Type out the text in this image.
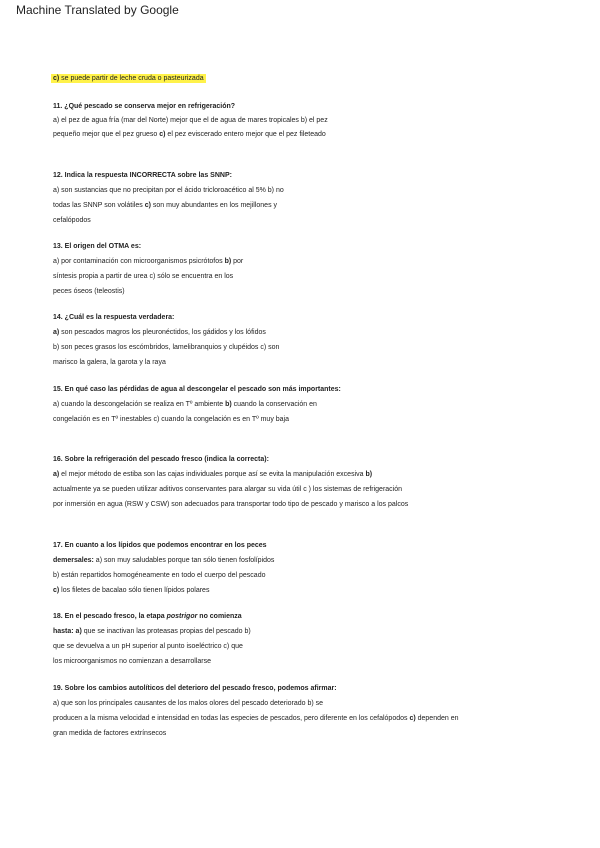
Machine Translated by Google
c) se puede partir de leche cruda o pasteurizada
11. ¿Qué pescado se conserva mejor en refrigeración?
a) el pez de agua fría (mar del Norte) mejor que el de agua de mares tropicales b) el pez
pequeño mejor que el pez grueso c) el pez eviscerado entero mejor que el pez fileteado
12. Indica la respuesta INCORRECTA sobre las SNNP:
a) son sustancias que no precipitan por el ácido tricloroacético al 5% b) no
todas las SNNP son volátiles c) son muy abundantes en los mejillones y
cefalópodos
13. El origen del OTMA es:
a) por contaminación con microorganismos psicrótofos b) por
síntesis propia a partir de urea c) sólo se encuentra en los
peces óseos (teleostis)
14. ¿Cuál es la respuesta verdadera:
a) son pescados magros los pleuronéctidos, los gádidos y los lófidos
b) son peces grasos los escómbridos, lamelibranquios y clupéidos c) son
marisco la galera, la garota y la raya
15. En qué caso las pérdidas de agua al descongelar el pescado son más importantes:
a) cuando la descongelación se realiza en Tº ambiente b) cuando la conservación en
congelación es en Tº inestables c) cuando la congelación es en Tº muy baja
16. Sobre la refrigeración del pescado fresco (indica la correcta):
a) el mejor método de estiba son las cajas individuales porque así se evita la manipulación excesiva b)
actualmente ya se pueden utilizar aditivos conservantes para alargar su vida útil c ) los sistemas de refrigeración
por inmersión en agua (RSW y CSW) son adecuados para transportar todo tipo de pescado y marisco a los palcos
17. En cuanto a los lípidos que podemos encontrar en los peces
demersales: a) son muy saludables porque tan sólo tienen fosfolípidos
b) están repartidos homogéneamente en todo el cuerpo del pescado
c) los filetes de bacalao sólo tienen lípidos polares
18. En el pescado fresco, la etapa postrigor no comienza
hasta: a) que se inactivan las proteasas propias del pescado b)
que se devuelva a un pH superior al punto isoeléctrico c) que
los microorganismos no comienzan a desarrollarse
19. Sobre los cambios autolíticos del deterioro del pescado fresco, podemos afirmar:
a) que son los principales causantes de los malos olores del pescado deteriorado b) se
producen a la misma velocidad e intensidad en todas las especies de pescados, pero diferente en los cefalópodos c) dependen en
gran medida de factores extrínsecos
